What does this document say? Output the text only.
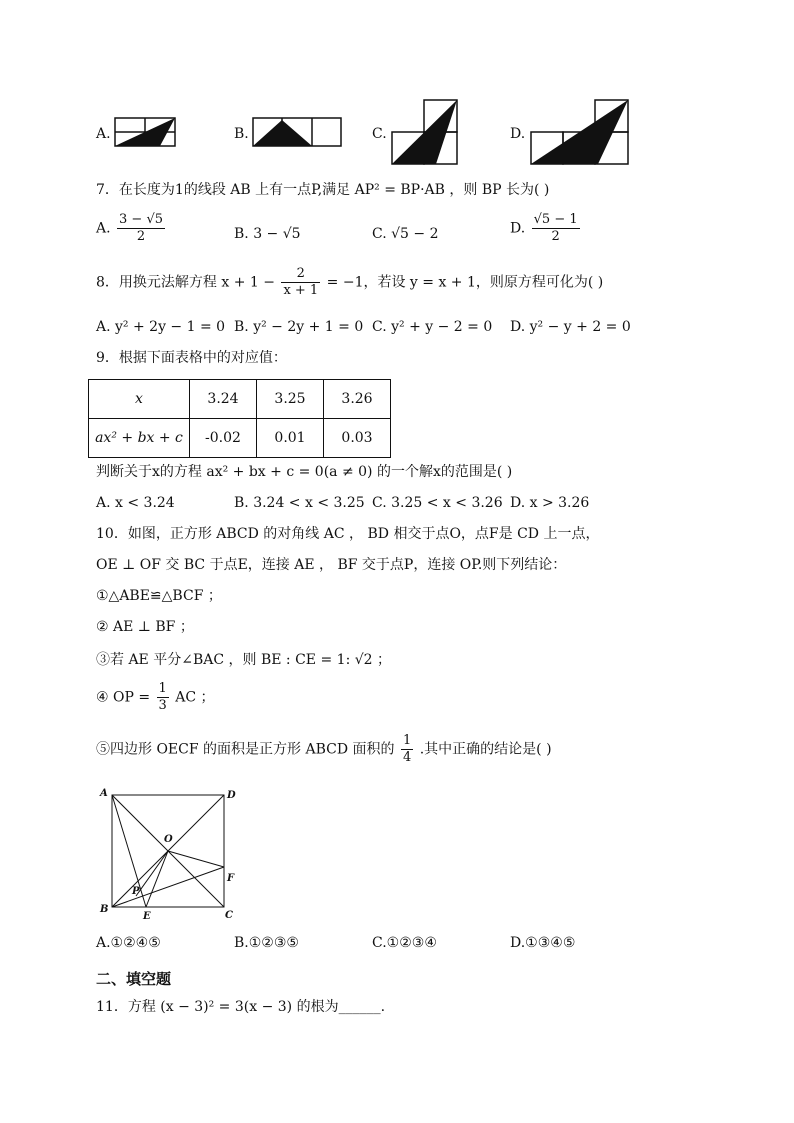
A.	B.	C.	D.
7．在长度为1的线段 AB 上有一点P,满足 AP² = BP·AB ，则 BP 长为( )
A. $\frac{3 - √5}{2}$	B. 3 − √5	C. √5 − 2	D. $\frac{√5 - 1}{2}$
8．用换元法解方程 $x + 1 - \frac{2}{x + 1} = -1$，若设 y = x + 1，则原方程可化为( )
A. y² + 2y − 1 = 0 B. y² − 2y + 1 = 0 C. y² + y − 2 = 0 D. y² − y + 2 = 0
9．根据下面表格中的对应值：
x	3.24	3.25	3.26
ax² + bx + c	-0.02	0.01	0.03
判断关于x的方程 ax² + bx + c = 0(a ≠ 0) 的一个解x的范围是( )
A. x < 3.24	B. 3.24 < x < 3.25 C. 3.25 < x < 3.26 D. x > 3.26
10．如图，正方形 ABCD 的对角线 AC ， BD 相交于点O，点F是 CD 上一点，
OE ⊥ OF 交 BC 于点E，连接 AE ， BF 交于点P，连接 OP.则下列结论：
①△ABE≌△BCF ；
② AE ⊥ BF ；
③若 AE 平分∠BAC ，则 BE : CE = 1: √2 ；
④ OP = $\frac{1}{3}$ AC ；
⑤四边形 OECF 的面积是正方形 ABCD 面积的 $\frac{1}{4}$ .其中正确的结论是( )
A	D
B
C
O
F
P
E
A.①②④⑤	B.①②③⑤	C.①②③④	D.①③④⑤
二、填空题
11．方程 (x − 3)² = 3(x − 3) 的根为______.
